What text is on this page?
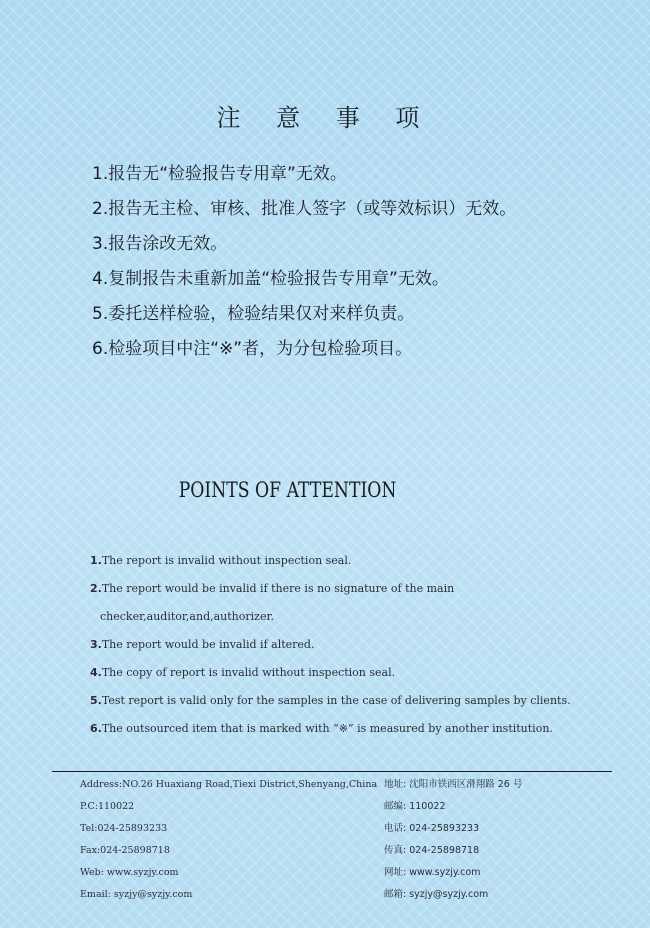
注 意 事 项
1.报告无“检验报告专用章”无效。
2.报告无主检、审核、批准人签字（或等效标识）无效。
3.报告涂改无效。
4.复制报告未重新加盖“检验报告专用章”无效。
5.委托送样检验，检验结果仅对来样负责。
6.检验项目中注“※”者，为分包检验项目。
POINTS OF ATTENTION
1.The report is invalid without inspection seal.
2.The report would be invalid if there is no signature of the main
checker,auditor,and,authorizer.
3.The report would be invalid if altered.
4.The copy of report is invalid without inspection seal.
5.Test report is valid only for the samples in the case of delivering samples by clients.
6.The outsourced item that is marked with “※” is measured by another institution.
Address:NO.26 Huaxiang Road,Tiexi District,Shenyang,China
P.C:110022
Tel:024-25893233
Fax:024-25898718
Web: www.syzjy.com
Email: syzjy@syzjy.com
地址: 沈阳市铁西区滑翔路 26 号
邮编: 110022
电话: 024-25893233
传真: 024-25898718
网址: www.syzjy.com
邮箱: syzjy@syzjy.com
